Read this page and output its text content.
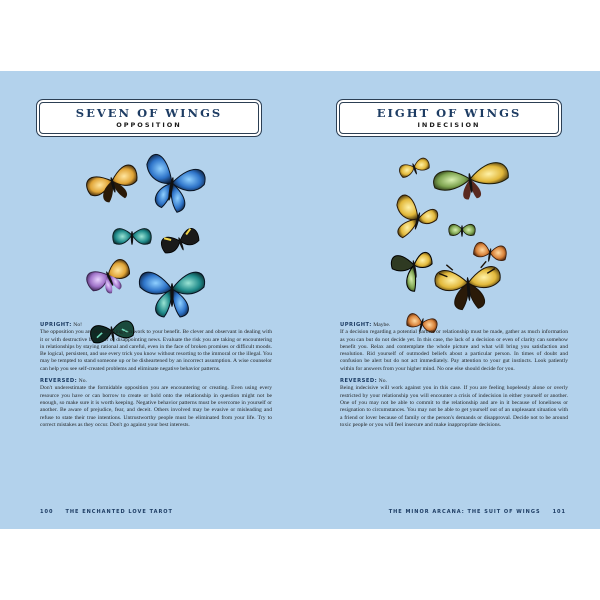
SEVEN OF WINGS
OPPOSITION

UPRIGHT: No!
The opposition you are encountering can work to your benefit. Be clever and observant in dealing with it or with destructive behavior or disappointing news. Evaluate the risk you are taking or encountering in relationships by staying rational and careful, even in the face of broken promises or difficult moods. Be logical, persistent, and use every trick you know without resorting to the immoral or the illegal. You may be tempted to stand someone up or be disheartened by an incorrect assumption. A wise counselor can help you see self-created problems and eliminate negative behavior patterns.

REVERSED: No.
Don't underestimate the formidable opposition you are encountering or creating. Even using every resource you have or can borrow to create or hold onto the relationship in question might not be enough, so make sure it is worth keeping. Negative behavior patterns must be overcome in yourself or another. Be aware of prejudice, fear, and deceit. Others involved may be evasive or misleading and refuse to state their true intentions. Untrustworthy people must be eliminated from your life. Try to correct mistakes as they occur. Don't go against your best interests.

100 THE ENCHANTED LOVE TAROT
EIGHT OF WINGS
INDECISION

UPRIGHT: Maybe.
If a decision regarding a potential partner or relationship must be made, gather as much information as you can but do not decide yet. In this case, the lack of a decision or even of clarity can somehow benefit you. Relax and contemplate the whole picture and what will bring you satisfaction and resolution. Rid yourself of outmoded beliefs about a particular person. In times of doubt and confusion be alert but do not act immediately. Pay attention to your gut instincts. Look patiently within for answers from your higher mind. No one else should decide for you.

REVERSED: No.
Being indecisive will work against you in this case. If you are feeling hopelessly alone or overly restricted by your relationship you will encounter a crisis of indecision in either yourself or another. One of you may not be able to commit to the relationship and are in it because of loneliness or resignation to circumstances. You may not be able to get yourself out of an unpleasant situation with a friend or lover because of family or the person's demands or disapproval. Decide not to be around toxic people or you will feel insecure and make inappropriate decisions.

THE MINOR ARCANA: THE SUIT OF WINGS 101
